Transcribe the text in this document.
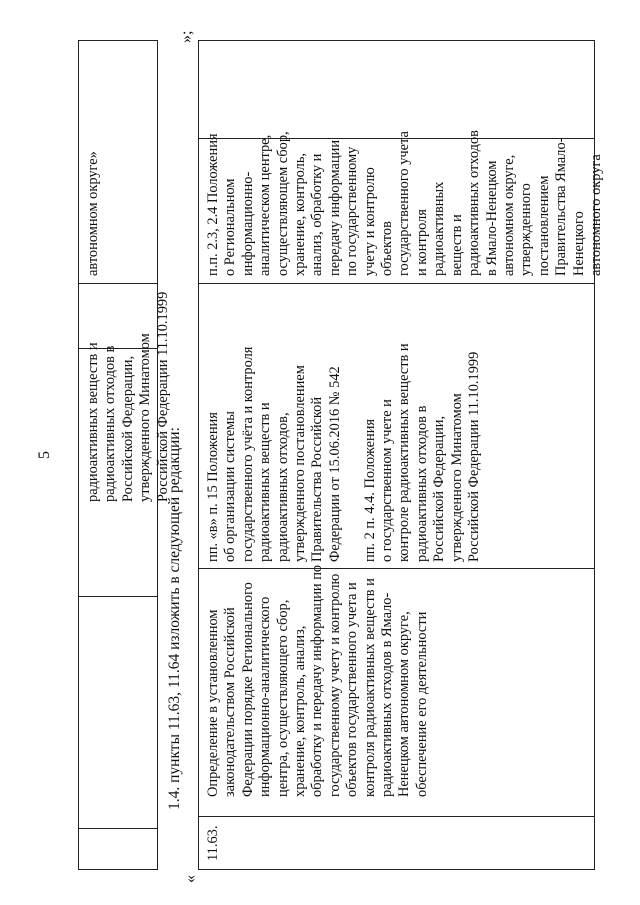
5 радиоактивных веществ и
радиоактивных отходов в
Российской Федерации,
утвержденного Минатомом
Российской Федерации 11.10.1999
автономном округе»
1.4. пункты 11.63, 11.64 изложить в следующей редакции:
»;
«
11.63.
Определение в установленном
законодательством Российской
Федерации порядке Регионального
информационно-аналитического
центра, осуществляющего сбор,
хранение, контроль, анализ,
обработку и передачу информации по
государственному учету и контролю
объектов государственного учета и
контроля радиоактивных веществ и
радиоактивных отходов в Ямало-
Ненецком автономном округе,
обеспечение его деятельности
пп. «в» п. 15 Положения
об организации системы
государственного учёта и контроля
радиоактивных веществ и
радиоактивных отходов,
утвержденного постановлением
Правительства Российской
Федерации от 15.06.2016 № 542

пп. 2 п. 4.4. Положения
о государственном учете и
контроле радиоактивных веществ и
радиоактивных отходов в
Российской Федерации,
утвержденного Минатомом
Российской Федерации 11.10.1999
п.п. 2.3, 2.4 Положения
о Региональном
информационно-
аналитическом центре,
осуществляющем сбор,
хранение, контроль,
анализ, обработку и
передачу информации
по государственному
учету и контролю
объектов
государственного учета
и контроля
радиоактивных
веществ и
радиоактивных отходов
в Ямало-Ненецком
автономном округе,
утвержденного
постановлением
Правительства Ямало-
Ненецкого
автономного округа
